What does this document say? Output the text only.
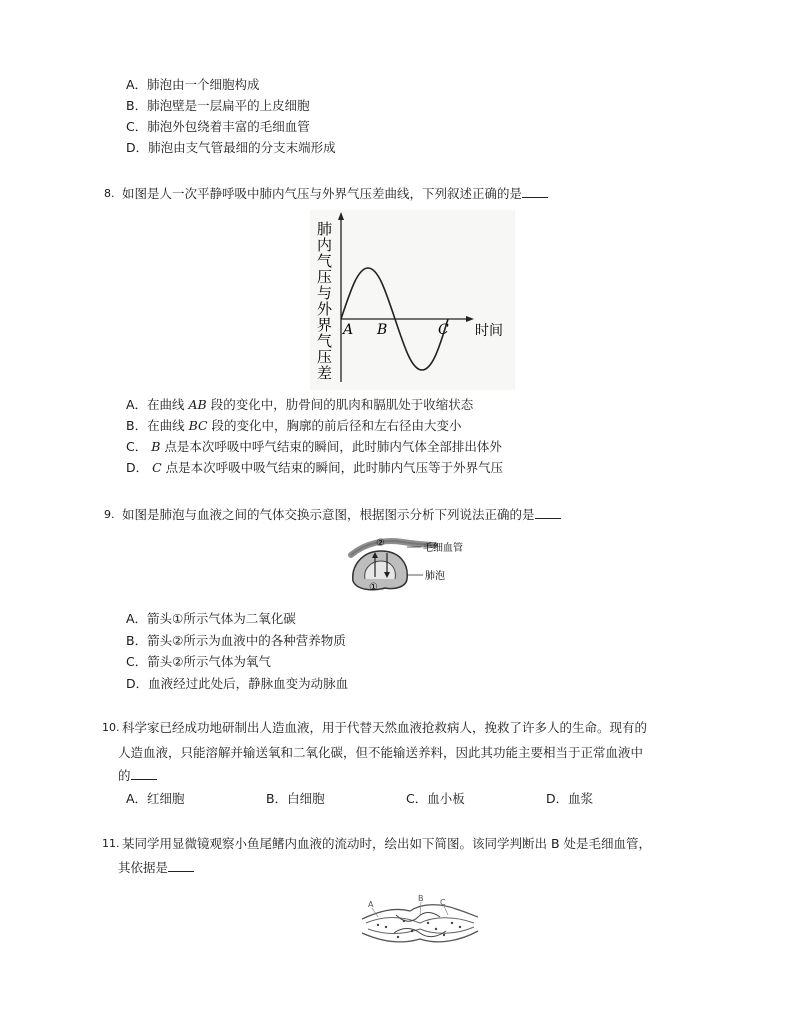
A．肺泡由一个细胞构成
B．肺泡壁是一层扁平的上皮细胞
C．肺泡外包绕着丰富的毛细血管
D．肺泡由支气管最细的分支末端形成
8. 如图是人一次平静呼吸中肺内气压与外界气压差曲线，下列叙述正确的是
肺
内
气
压
与
外
界
气
压
差
A B	C 时间
A．在曲线 AB 段的变化中，肋骨间的肌肉和膈肌处于收缩状态
B．在曲线 BC 段的变化中，胸廓的前后径和左右径由大变小
C． B 点是本次呼吸中呼气结束的瞬间，此时肺内气体全部排出体外
D． C 点是本次呼吸中吸气结束的瞬间，此时肺内气压等于外界气压
9. 如图是肺泡与血液之间的气体交换示意图，根据图示分析下列说法正确的是
②
①
毛细血管
肺泡
A．箭头①所示气体为二氧化碳
B．箭头②所示为血液中的各种营养物质
C．箭头②所示气体为氧气
D．血液经过此处后，静脉血变为动脉血
10. 科学家已经成功地研制出人造血液，用于代替天然血液抢救病人，挽救了许多人的生命。现有的
人造血液，只能溶解并输送氧和二氧化碳，但不能输送养料，因此其功能主要相当于正常血液中
的
A．红细胞	B．白细胞	C．血小板	D．血浆
11. 某同学用显微镜观察小鱼尾鳍内血液的流动时，绘出如下简图。该同学判断出 B 处是毛细血管，
其依据是
A
B C
